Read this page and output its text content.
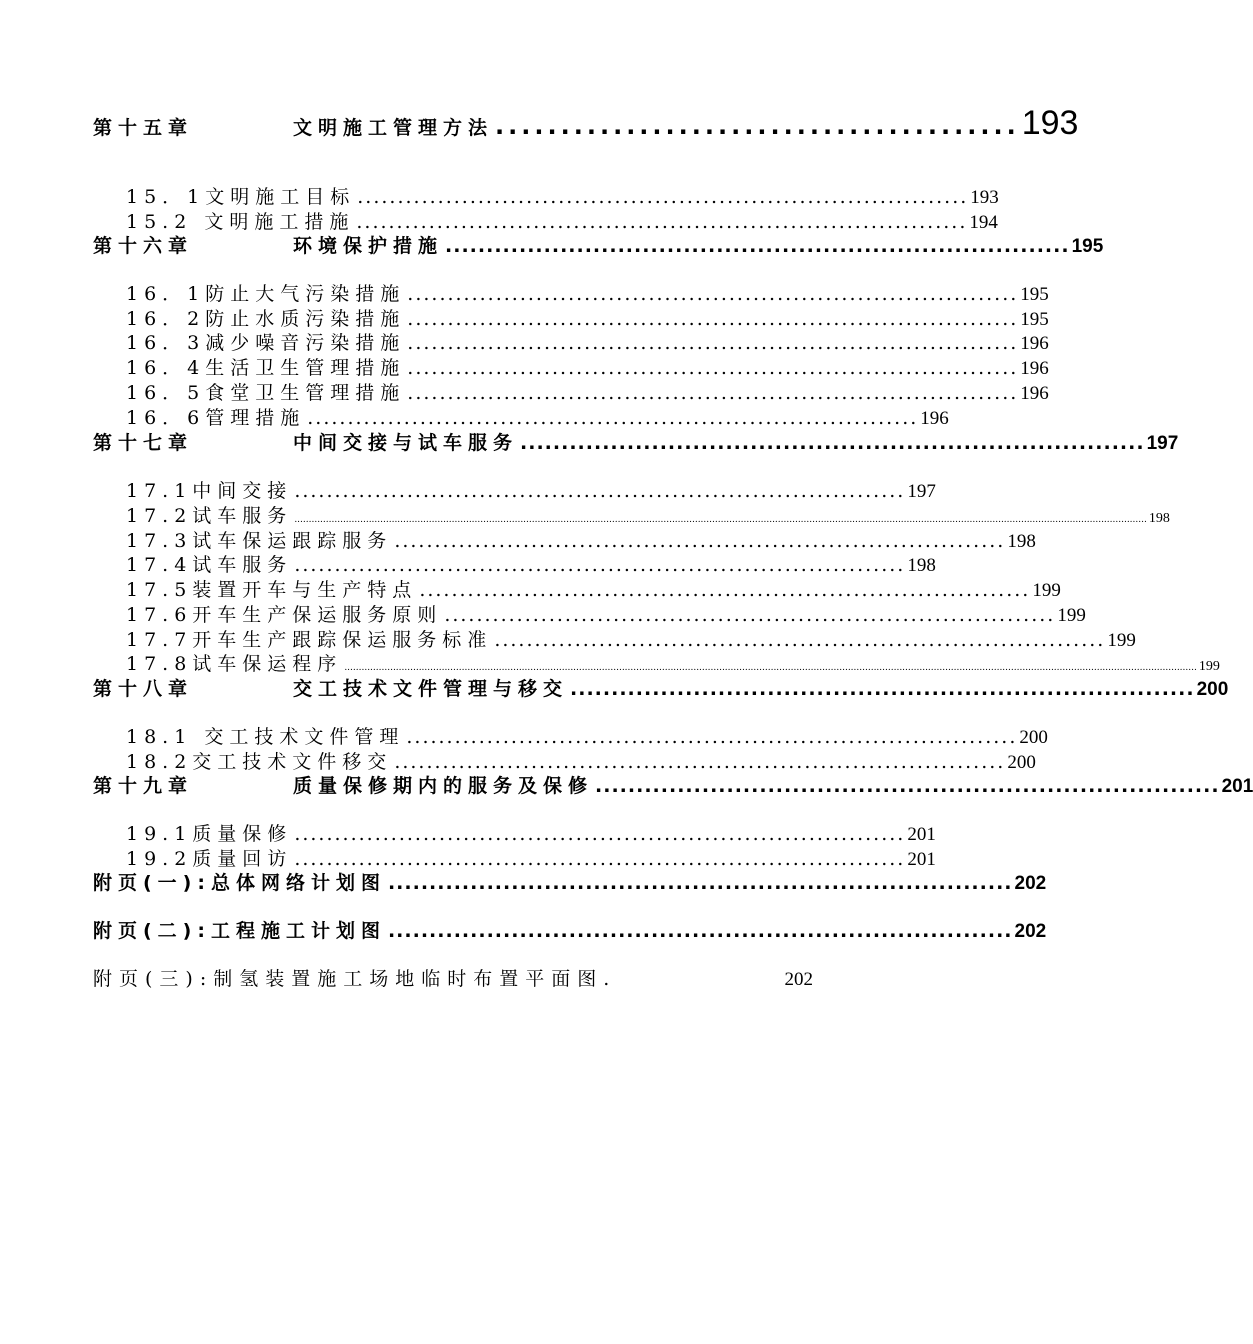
第十五章	文明施工管理方法 ........................................ 193
15．1文明施工目标 ............................................................................ 193
15.2 文明施工措施 ............................................................................ 194
第十六章	环境保护措施 ............................................................................ 195
16．1防止大气污染措施 ............................................................................ 195
16．2防止水质污染措施 ............................................................................ 195
16．3减少噪音污染措施 ............................................................................ 196
16．4生活卫生管理措施 ............................................................................ 196
16．5食堂卫生管理措施 ............................................................................ 196
16．6管理措施 ............................................................................ 196
第十七章	中间交接与试车服务 ............................................................................ 197
17.1中间交接 ............................................................................ 197
17.2试车服务 .......................................................................................................................................................................................................................................................................................................... 198
17.3试车保运跟踪服务 ............................................................................ 198
17.4试车服务 ............................................................................ 198
17.5装置开车与生产特点 ............................................................................ 199
17.6开车生产保运服务原则 ............................................................................ 199
17.7开车生产跟踪保运服务标准 ............................................................................ 199
17.8试车保运程序 .......................................................................................................................................................................................................................................................................................................... 199
第十八章	交工技术文件管理与移交 ............................................................................ 200
18.1 交工技术文件管理 ............................................................................ 200
18.2交工技术文件移交 ............................................................................ 200
第十九章	质量保修期内的服务及保修 ............................................................................ 201
19.1质量保修 ............................................................................ 201
19.2质量回访 ............................................................................ 201
附页(一):总体网络计划图 ............................................................................ 202
附页(二):工程施工计划图 ............................................................................ 202
附页(三):制氢装置施工场地临时布置平面图.	202
